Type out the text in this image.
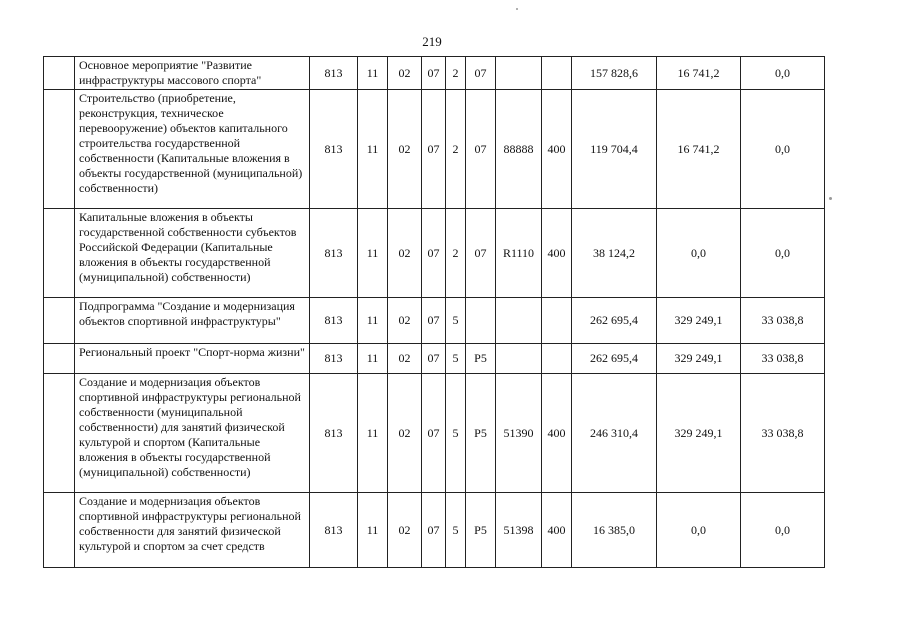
219
	Основное мероприятие "Развитие инфраструктуры массового спорта"	813	11	02	07	2	07			157 828,6	16 741,2	0,0
	Строительство (приобретение, реконструкция, техническое перевооружение) объектов капитального строительства государственной собственности (Капитальные вложения в объекты государственной (муниципальной) собственности)	813	11	02	07	2	07	88888	400	119 704,4	16 741,2	0,0
	Капитальные вложения в объекты государственной собственности субъектов Российской Федерации (Капитальные вложения в объекты государственной (муниципальной) собственности)	813	11	02	07	2	07	R1110	400	38 124,2	0,0	0,0
	Подпрограмма "Создание и модернизация объектов спортивной инфраструктуры"	813	11	02	07	5				262 695,4	329 249,1	33 038,8
	Региональный проект "Спорт-норма жизни"	813	11	02	07	5	P5			262 695,4	329 249,1	33 038,8
	Создание и модернизация объектов спортивной инфраструктуры региональной собственности (муниципальной собственности) для занятий физической культурой и спортом (Капитальные вложения в объекты государственной (муниципальной) собственности)	813	11	02	07	5	P5	51390	400	246 310,4	329 249,1	33 038,8
	Создание и модернизация объектов спортивной инфраструктуры региональной собственности для занятий физической культурой и спортом за счет средств	813	11	02	07	5	P5	51398	400	16 385,0	0,0	0,0
